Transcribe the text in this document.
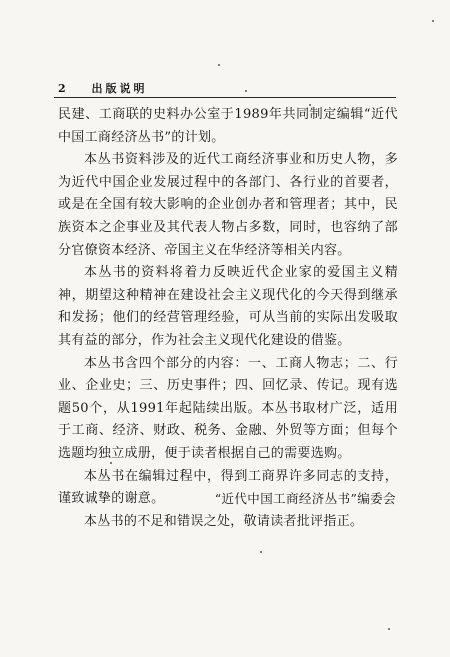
2 出版说明

民建、工商联的史料办公室于1989年共同制定编辑“近代中国工商经济丛书”的计划。

本丛书资料涉及的近代工商经济事业和历史人物，多为近代中国企业发展过程中的各部门、各行业的首要者，或是在全国有较大影响的企业创办者和管理者；其中，民族资本之企事业及其代表人物占多数，同时，也容纳了部分官僚资本经济、帝国主义在华经济等相关内容。

本丛书的资料将着力反映近代企业家的爱国主义精神，期望这种精神在建设社会主义现代化的今天得到继承和发扬；他们的经营管理经验，可从当前的实际出发吸取其有益的部分，作为社会主义现代化建设的借鉴。

本丛书含四个部分的内容：一、工商人物志；二、行业、企业史；三、历史事件；四、回忆录、传记。现有选题50个，从1991年起陆续出版。本丛书取材广泛，适用于工商、经济、财政、税务、金融、外贸等方面；但每个选题均独立成册，便于读者根据自己的需要选购。

本丛书在编辑过程中，得到工商界许多同志的支持，谨致诚挚的谢意。

本丛书的不足和错误之处，敬请读者批评指正。

“近代中国工商经济丛书”编委会
